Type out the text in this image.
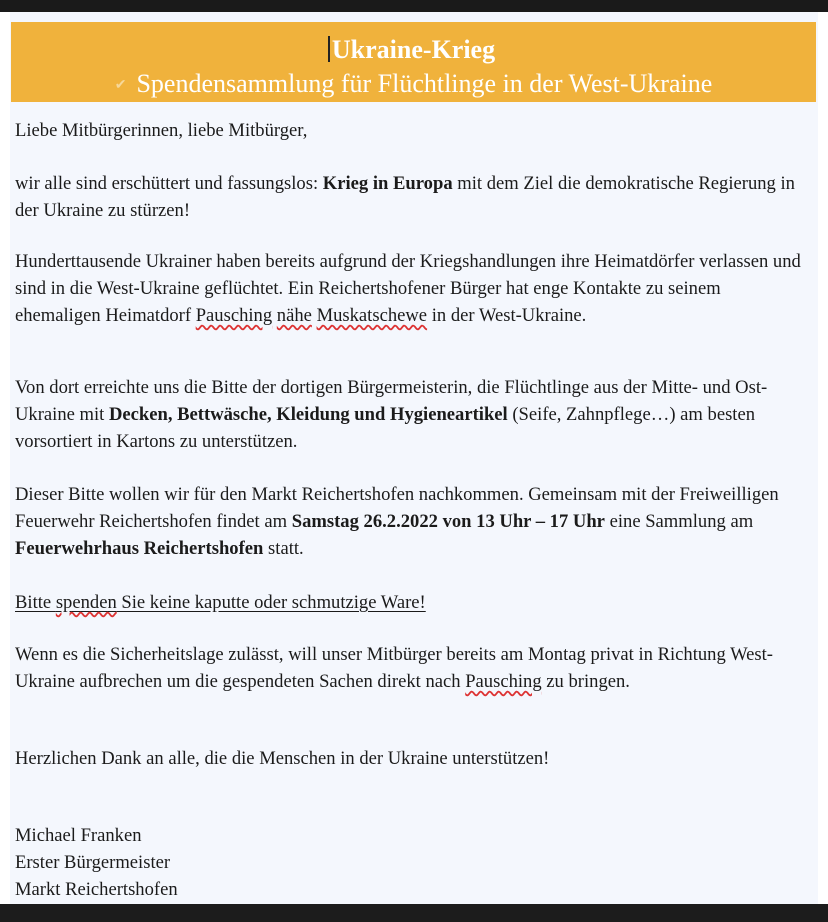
Ukraine-Krieg
✔ Spendensammlung für Flüchtlinge in der West-Ukraine

Liebe Mitbürgerinnen, liebe Mitbürger,

wir alle sind erschüttert und fassungslos: Krieg in Europa mit dem Ziel die demokratische Regierung in der Ukraine zu stürzen!

Hunderttausende Ukrainer haben bereits aufgrund der Kriegshandlungen ihre Heimatdörfer verlassen und sind in die West-Ukraine geflüchtet. Ein Reichertshofener Bürger hat enge Kontakte zu seinem ehemaligen Heimatdorf Pausching nähe Muskatschewe in der West-Ukraine.

Von dort erreichte uns die Bitte der dortigen Bürgermeisterin, die Flüchtlinge aus der Mitte- und Ost-Ukraine mit Decken, Bettwäsche, Kleidung und Hygieneartikel (Seife, Zahnpflege…) am besten vorsortiert in Kartons zu unterstützen.

Dieser Bitte wollen wir für den Markt Reichertshofen nachkommen. Gemeinsam mit der Freiweilligen Feuerwehr Reichertshofen findet am Samstag 26.2.2022 von 13 Uhr – 17 Uhr eine Sammlung am Feuerwehrhaus Reichertshofen statt.

Bitte spenden Sie keine kaputte oder schmutzige Ware!

Wenn es die Sicherheitslage zulässt, will unser Mitbürger bereits am Montag privat in Richtung West-Ukraine aufbrechen um die gespendeten Sachen direkt nach Pausching zu bringen.

Herzlichen Dank an alle, die die Menschen in der Ukraine unterstützen!

Michael Franken

Erster Bürgermeister

Markt Reichertshofen
